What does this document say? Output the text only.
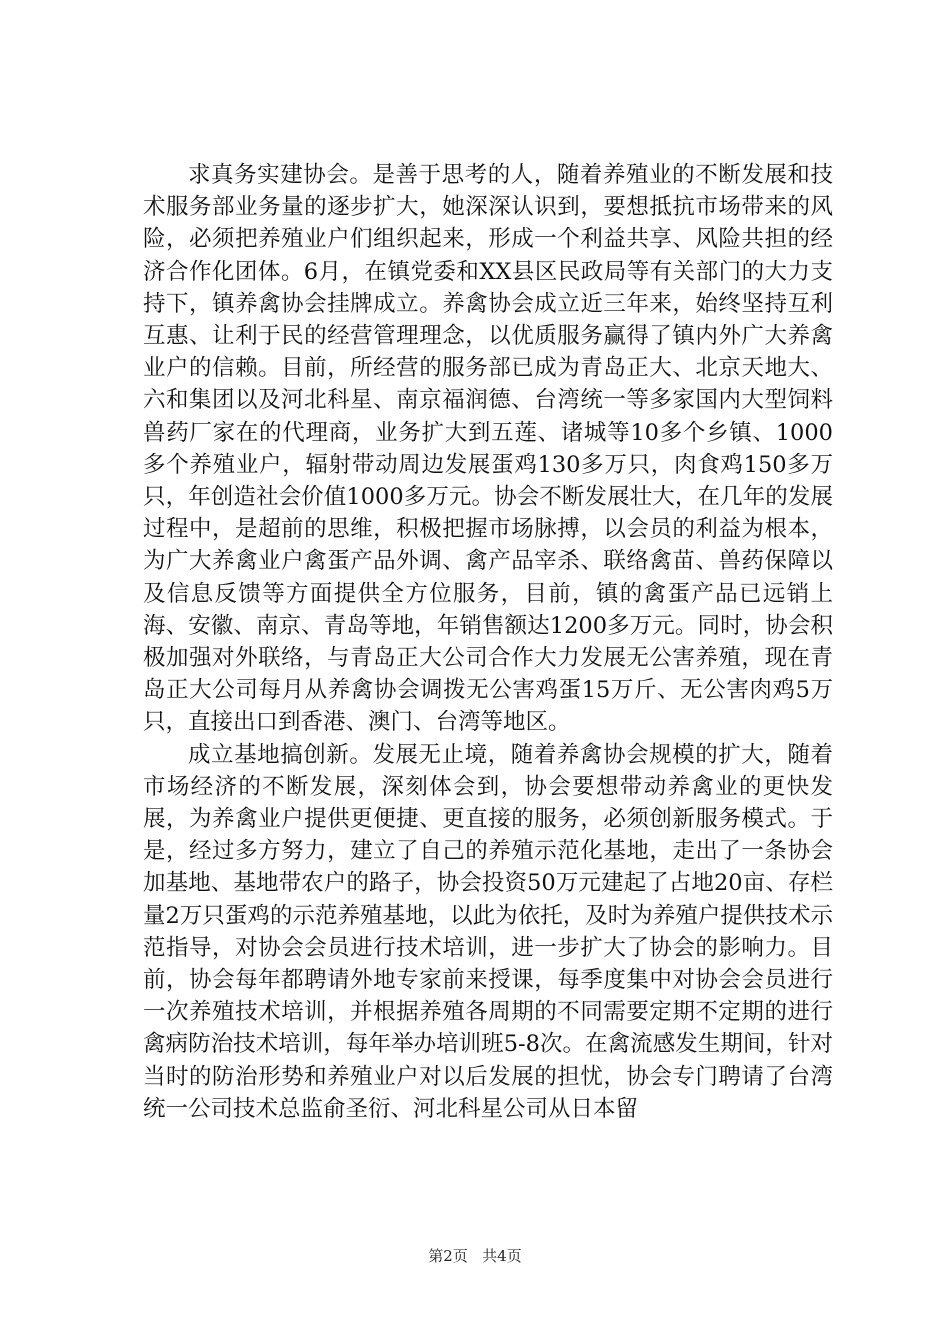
求真务实建协会。是善于思考的人，随着养殖业的不断发展和技术服务部业务量的逐步扩大，她深深认识到，要想抵抗市场带来的风险，必须把养殖业户们组织起来，形成一个利益共享、风险共担的经济合作化团体。6月，在镇党委和XX县区民政局等有关部门的大力支持下，镇养禽协会挂牌成立。养禽协会成立近三年来，始终坚持互利互惠、让利于民的经营管理理念，以优质服务赢得了镇内外广大养禽业户的信赖。目前，所经营的服务部已成为青岛正大、北京天地大、六和集团以及河北科星、南京福润德、台湾统一等多家国内大型饲料兽药厂家在的代理商，业务扩大到五莲、诸城等10多个乡镇、1000多个养殖业户，辐射带动周边发展蛋鸡130多万只，肉食鸡150多万只，年创造社会价值1000多万元。协会不断发展壮大，在几年的发展过程中，是超前的思维，积极把握市场脉搏，以会员的利益为根本，为广大养禽业户禽蛋产品外调、禽产品宰杀、联络禽苗、兽药保障以及信息反馈等方面提供全方位服务，目前，镇的禽蛋产品已远销上海、安徽、南京、青岛等地，年销售额达1200多万元。同时，协会积极加强对外联络，与青岛正大公司合作大力发展无公害养殖，现在青岛正大公司每月从养禽协会调拨无公害鸡蛋15万斤、无公害肉鸡5万只，直接出口到香港、澳门、台湾等地区。

成立基地搞创新。发展无止境，随着养禽协会规模的扩大，随着市场经济的不断发展，深刻体会到，协会要想带动养禽业的更快发展，为养禽业户提供更便捷、更直接的服务，必须创新服务模式。于是，经过多方努力，建立了自己的养殖示范化基地，走出了一条协会加基地、基地带农户的路子，协会投资50万元建起了占地20亩、存栏量2万只蛋鸡的示范养殖基地，以此为依托，及时为养殖户提供技术示范指导，对协会会员进行技术培训，进一步扩大了协会的影响力。目前，协会每年都聘请外地专家前来授课，每季度集中对协会会员进行一次养殖技术培训，并根据养殖各周期的不同需要定期不定期的进行禽病防治技术培训，每年举办培训班5-8次。在禽流感发生期间，针对当时的防治形势和养殖业户对以后发展的担忧，协会专门聘请了台湾统一公司技术总监俞圣衍、河北科星公司从日本留

第2页 共4页
